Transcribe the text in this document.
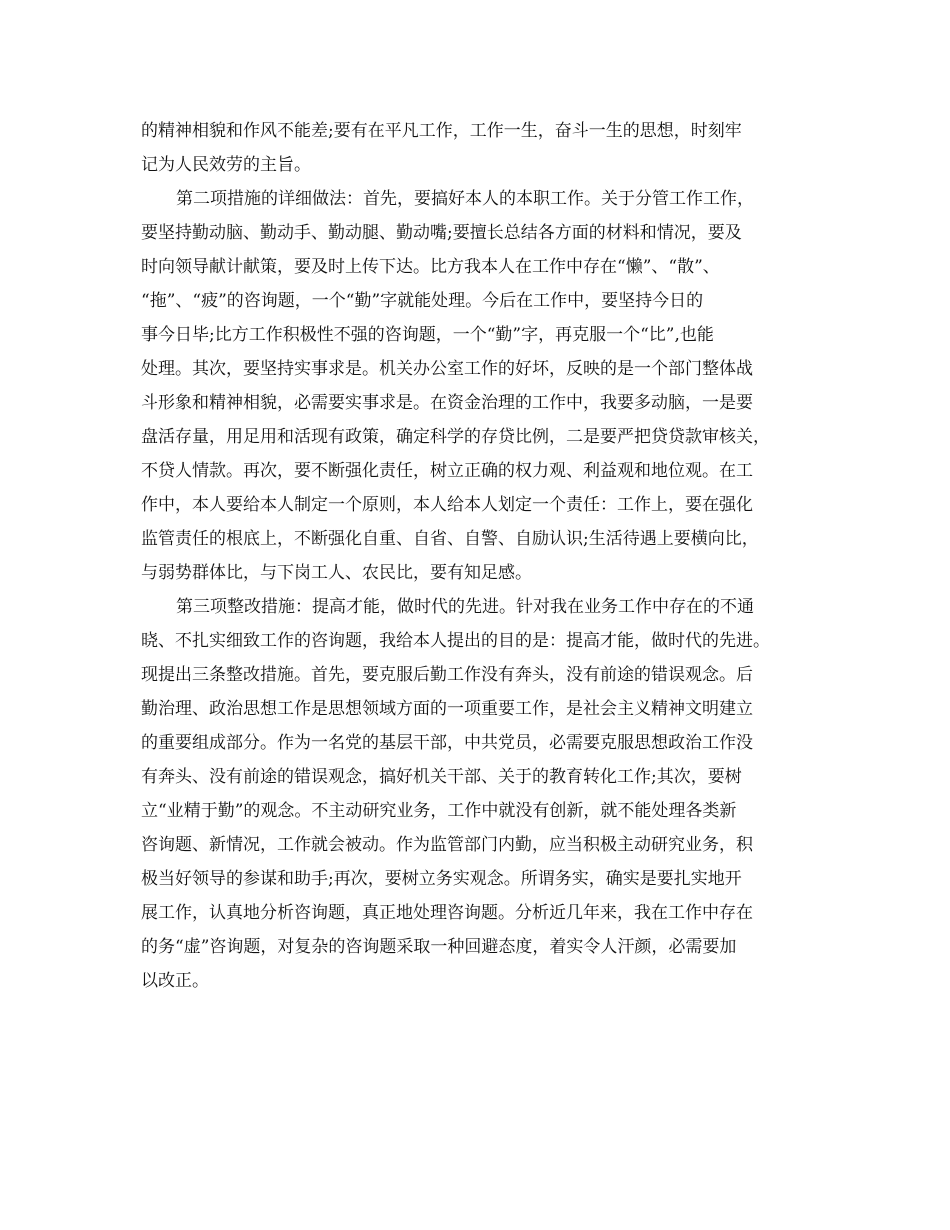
的精神相貌和作风不能差;要有在平凡工作，工作一生，奋斗一生的思想，时刻牢
记为人民效劳的主旨。
第二项措施的详细做法：首先，要搞好本人的本职工作。关于分管工作工作，
要坚持勤动脑、勤动手、勤动腿、勤动嘴;要擅长总结各方面的材料和情况，要及
时向领导献计献策，要及时上传下达。比方我本人在工作中存在“懒”、“散”、
“拖”、“疲”的咨询题，一个“勤”字就能处理。今后在工作中，要坚持今日的
事今日毕;比方工作积极性不强的咨询题，一个“勤”字，再克服一个“比”,也能
处理。其次，要坚持实事求是。机关办公室工作的好坏，反映的是一个部门整体战
斗形象和精神相貌，必需要实事求是。在资金治理的工作中，我要多动脑，一是要
盘活存量，用足用和活现有政策，确定科学的存贷比例，二是要严把贷贷款审核关，
不贷人情款。再次，要不断强化责任，树立正确的权力观、利益观和地位观。在工
作中，本人要给本人制定一个原则，本人给本人划定一个责任：工作上，要在强化
监管责任的根底上，不断强化自重、自省、自警、自励认识;生活待遇上要横向比，
与弱势群体比，与下岗工人、农民比，要有知足感。
第三项整改措施：提高才能，做时代的先进。针对我在业务工作中存在的不通
晓、不扎实细致工作的咨询题，我给本人提出的目的是：提高才能，做时代的先进。
现提出三条整改措施。首先，要克服后勤工作没有奔头，没有前途的错误观念。后
勤治理、政治思想工作是思想领域方面的一项重要工作，是社会主义精神文明建立
的重要组成部分。作为一名党的基层干部，中共党员，必需要克服思想政治工作没
有奔头、没有前途的错误观念，搞好机关干部、关于的教育转化工作;其次，要树
立“业精于勤”的观念。不主动研究业务，工作中就没有创新，就不能处理各类新
咨询题、新情况，工作就会被动。作为监管部门内勤，应当积极主动研究业务，积
极当好领导的参谋和助手;再次，要树立务实观念。所谓务实，确实是要扎实地开
展工作，认真地分析咨询题，真正地处理咨询题。分析近几年来，我在工作中存在
的务“虚”咨询题，对复杂的咨询题采取一种回避态度，着实令人汗颜，必需要加
以改正。
